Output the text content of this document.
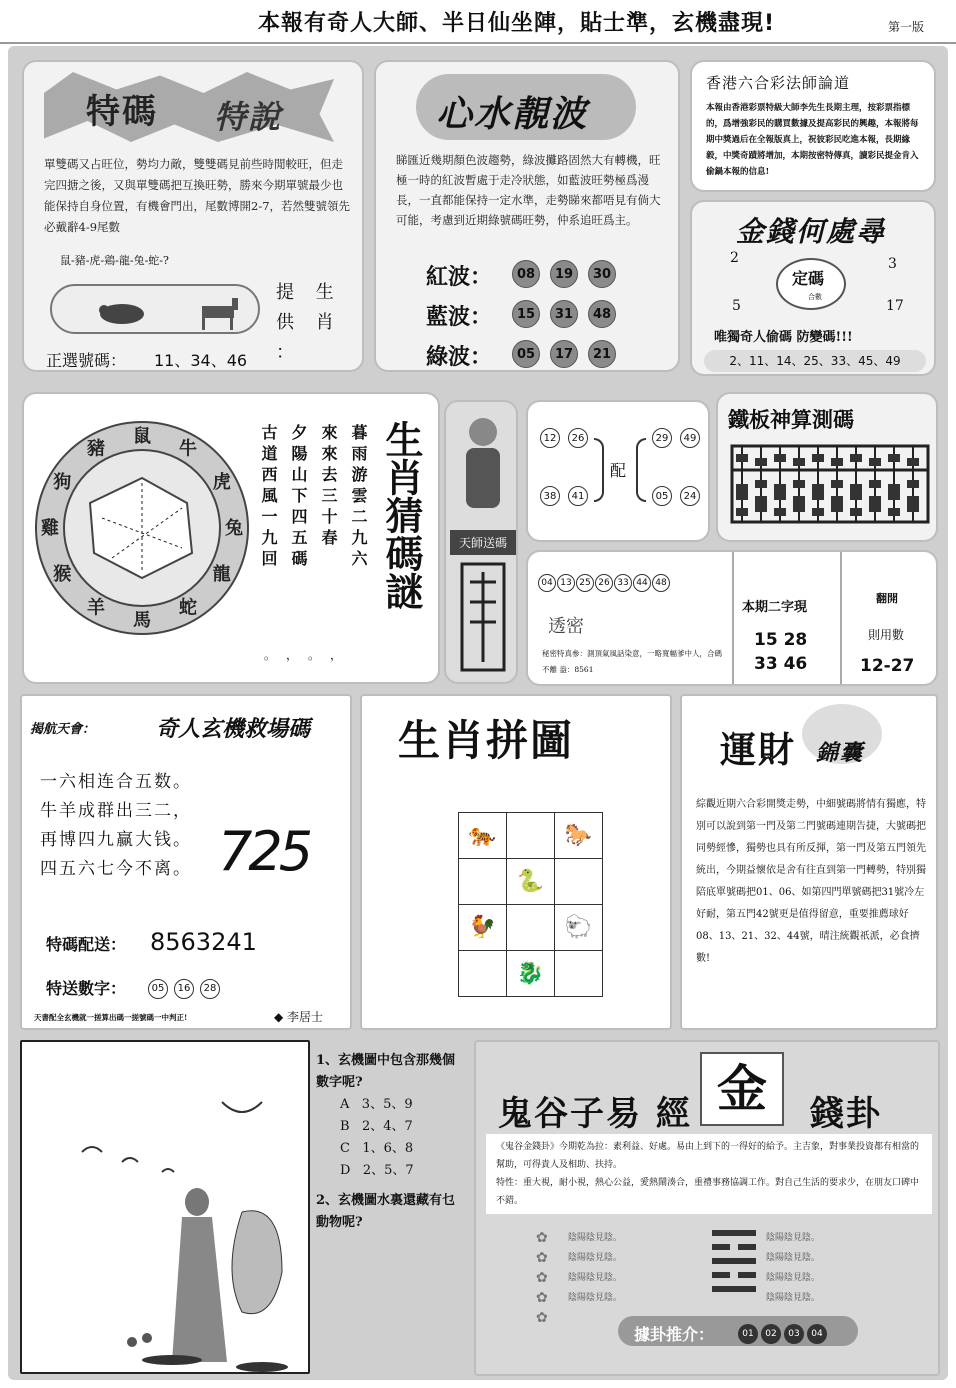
本報有奇人大師、半日仙坐陣，貼士準，玄機盡現!	第一版
特碼 特說
單雙碼又占旺位，勢均力敵，雙雙碼見前些時閒較旺，但走完四搪之後，又與單雙碼把互換旺勢，勝來今期單號最少也能保持自身位置，有機會門出，尾數博開2-7，若然雙號領先必戴辭4-9尾數
鼠-豬-虎-鶏-龍-兔-蛇-?
提 生 供 肖 ：
正選號碼： 11、34、46
心水靚波
睇匯近幾期顏色波趨勢，綠波攤路固然大有轉機，旺極一時的紅波暫處于走冷狀態，如藍波旺勢極爲漫長，一直都能保持一定水準，走勢睇來都唔見有倘大可能，考慮到近期綠號碼旺勢，仲系追旺爲主。
紅波：	08	19	30
藍波：	15	31	48
綠波：	05	17	21
香港六合彩法師論道
本報由香港彩票特級大師李先生長期主理，按彩票指標的，爲增強彩民的購買數據及提高彩民的興趣，本報將每期中獎過后在全報版真上，祝彼彩民吃進本報，長期緣毅，中獎奇蹟將增加，本期按密特傳真，讀彩民提金肯入偷鍋本報的信息!
金錢何處尋
定碼
合數
2	3
5	17
唯獨奇人偷碼 防變碼!!!
2、11、14、25、33、45、49
鼠
牛
虎
兔
龍
蛇
馬
羊
猴
雞
狗
豬	暮雨游雲二九六
來來去三十春
夕陽山下四五碼
古道西風一九回
。，。，
生肖猜碼謎	天師送碼
12	26
38	41
配
29	49
05	24
鐵板神算測碼
04 13 25 26 33 44 48
透密
秘密特真參：測頂氣風話染意，一略寬幅爹中人，合碼不離 盎：8561
本期二字現
15 28
33 46
翻開
則用數
12-27
揭航天會：	奇人玄機救場碼
一六相连合五数。
牛羊成群出三二，
再博四九赢大钱。
四五六七今不离。 725
特碼配送： 8563241
特送數字：	05 16 28
天書配全玄機就一搓算出碼一搓號碼一中判正!	◆ 李居士
生肖拼圖
🐅		🐎
	🐍	
🐓		🐑
	🐉	
運財 錦囊
綜觀近期六合彩開獎走勢，中細號碼將情有獨應，特別可以說到第一門及第二門號碼連期告捷，大號碼把同勢經慘，獨勢也具有所反揮，第一門及第五門領先統出，今期益懷依是舍有往直到第一門轉勢，特別獨陪底單號碼把01、06、如第四門單號碼把31號冷左好耐，第五門42號更是值得留意，重要推薦球好08、13、21、32、44號，晴注統觀祇派，必食擠數!
1、玄機圖中包含那幾個數字呢?
A 3、5、9
B 2、4、7
C 1、6、8
D 2、5、7
2、玄機圖水裏還藏有乜動物呢?
鬼谷子易 經 金	錢卦
《鬼谷金錢卦》今期乾為拉：素利益、好處。易由上到下的一得好的給予。主吉象，對事業投資都有相當的幫助，可得貴人及相助、扶持。
特性：重大視，耐小視，熱心公益，愛熱鬧湊合，重禮事務協調工作。對自己生活的要求少，在朋友口碑中不錯。
陰陽陰見陰。
陰陽陰見陰。
陰陽陰見陰。
陰陽陰見陰。
✿
✿
✿
✿
✿
陰陽陰見陰。
陰陽陰見陰。
陰陽陰見陰。
陰陽陰見陰。
據卦推介：	01 02 03 04
